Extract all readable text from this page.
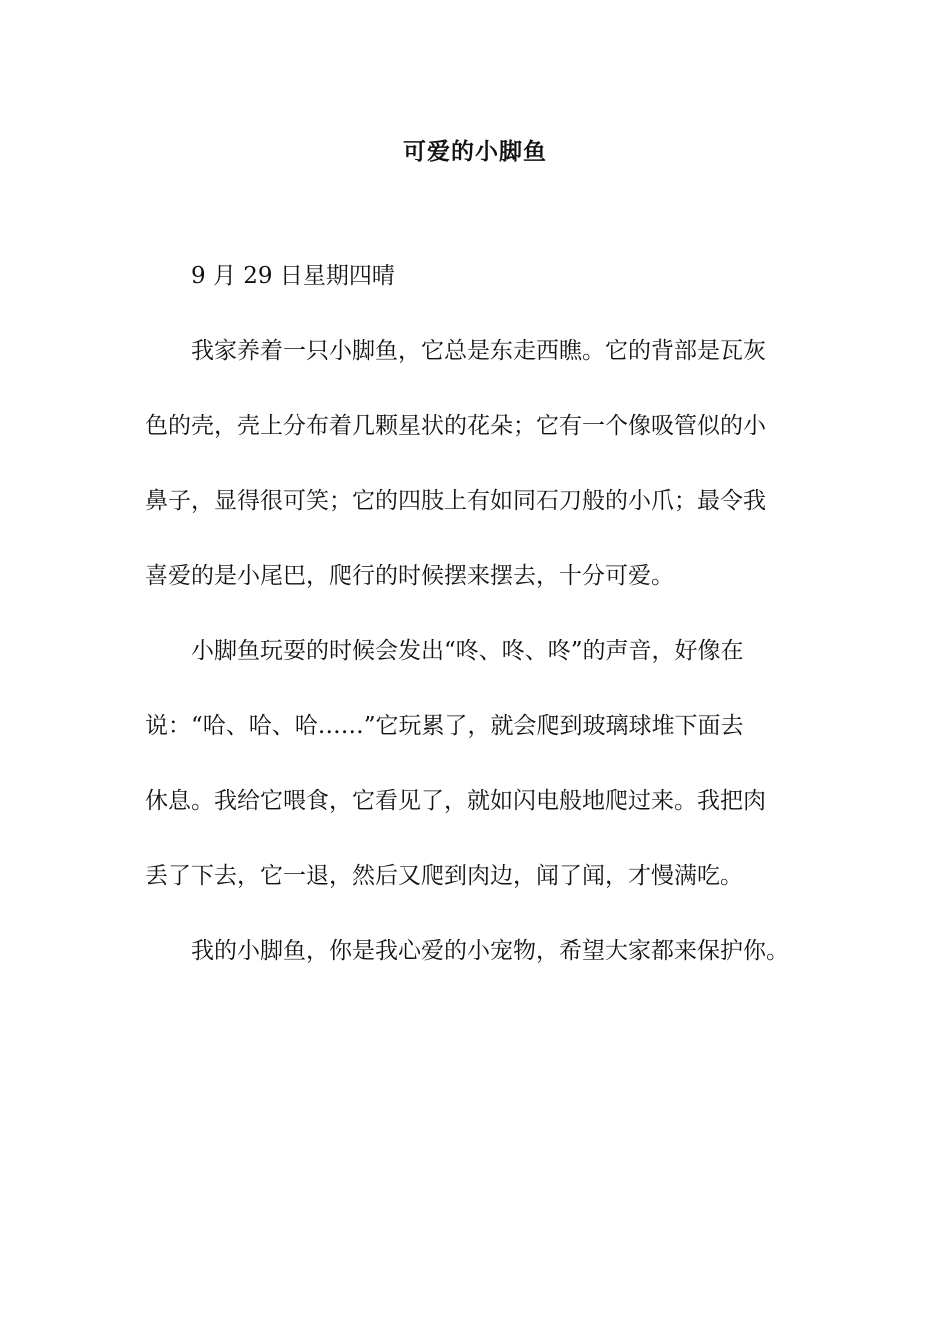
可爱的小脚鱼
9 月 29 日星期四晴
我家养着一只小脚鱼，它总是东走西瞧。它的背部是瓦灰
色的壳，壳上分布着几颗星状的花朵；它有一个像吸管似的小
鼻子，显得很可笑；它的四肢上有如同石刀般的小爪；最令我
喜爱的是小尾巴，爬行的时候摆来摆去，十分可爱。
小脚鱼玩耍的时候会发出“咚、咚、咚”的声音，好像在
说：“哈、哈、哈……”它玩累了，就会爬到玻璃球堆下面去
休息。我给它喂食，它看见了，就如闪电般地爬过来。我把肉
丢了下去，它一退，然后又爬到肉边，闻了闻，才慢满吃。
我的小脚鱼，你是我心爱的小宠物，希望大家都来保护你。
